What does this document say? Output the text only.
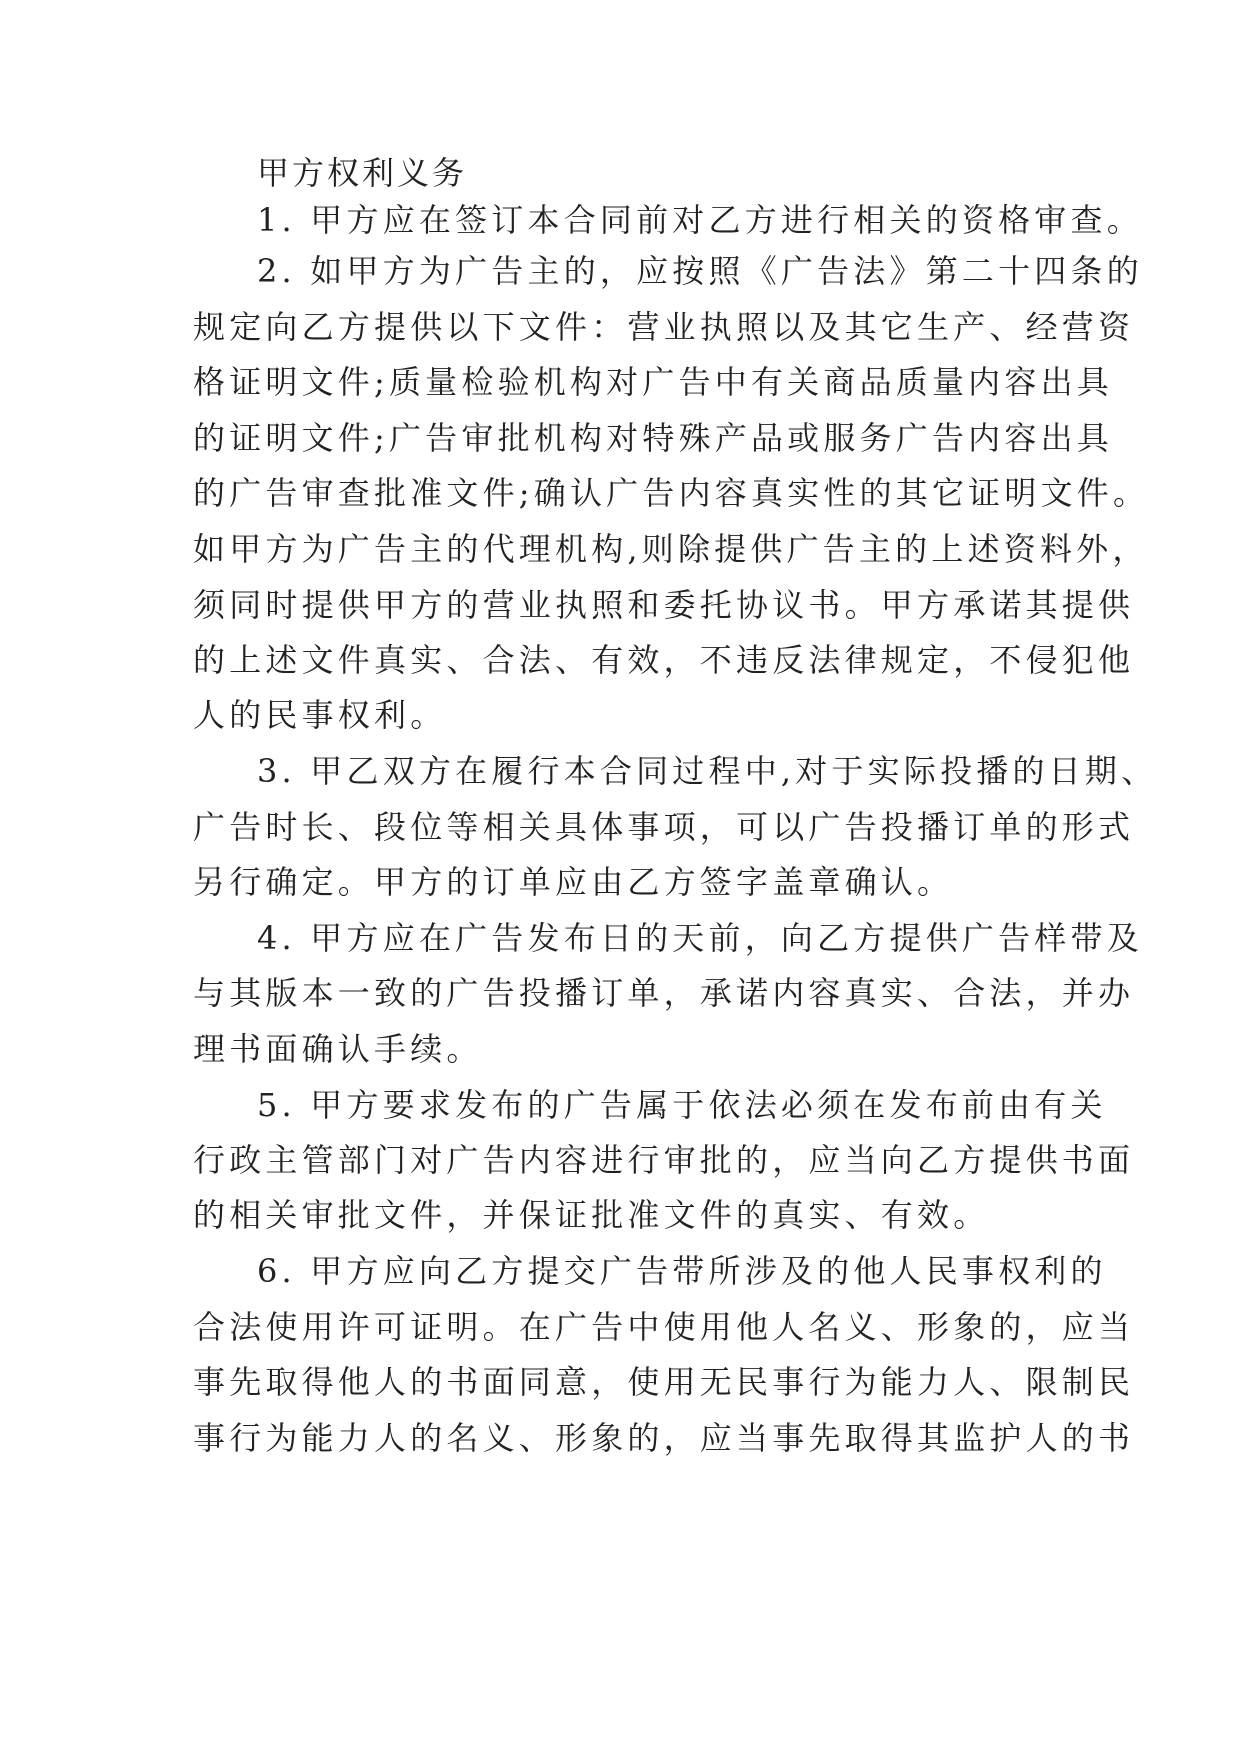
甲方权利义务

1. 甲方应在签订本合同前对乙方进行相关的资格审查。

2. 如甲方为广告主的，应按照《广告法》第二十四条的

规定向乙方提供以下文件：营业执照以及其它生产、经营资

格证明文件;质量检验机构对广告中有关商品质量内容出具

的证明文件;广告审批机构对特殊产品或服务广告内容出具

的广告审查批准文件;确认广告内容真实性的其它证明文件。

如甲方为广告主的代理机构,则除提供广告主的上述资料外，

须同时提供甲方的营业执照和委托协议书。甲方承诺其提供

的上述文件真实、合法、有效，不违反法律规定，不侵犯他

人的民事权利。

3. 甲乙双方在履行本合同过程中,对于实际投播的日期、

广告时长、段位等相关具体事项，可以广告投播订单的形式

另行确定。甲方的订单应由乙方签字盖章确认。

4. 甲方应在广告发布日的天前，向乙方提供广告样带及

与其版本一致的广告投播订单，承诺内容真实、合法，并办

理书面确认手续。

5. 甲方要求发布的广告属于依法必须在发布前由有关

行政主管部门对广告内容进行审批的，应当向乙方提供书面

的相关审批文件，并保证批准文件的真实、有效。

6. 甲方应向乙方提交广告带所涉及的他人民事权利的

合法使用许可证明。在广告中使用他人名义、形象的，应当

事先取得他人的书面同意，使用无民事行为能力人、限制民

事行为能力人的名义、形象的，应当事先取得其监护人的书
